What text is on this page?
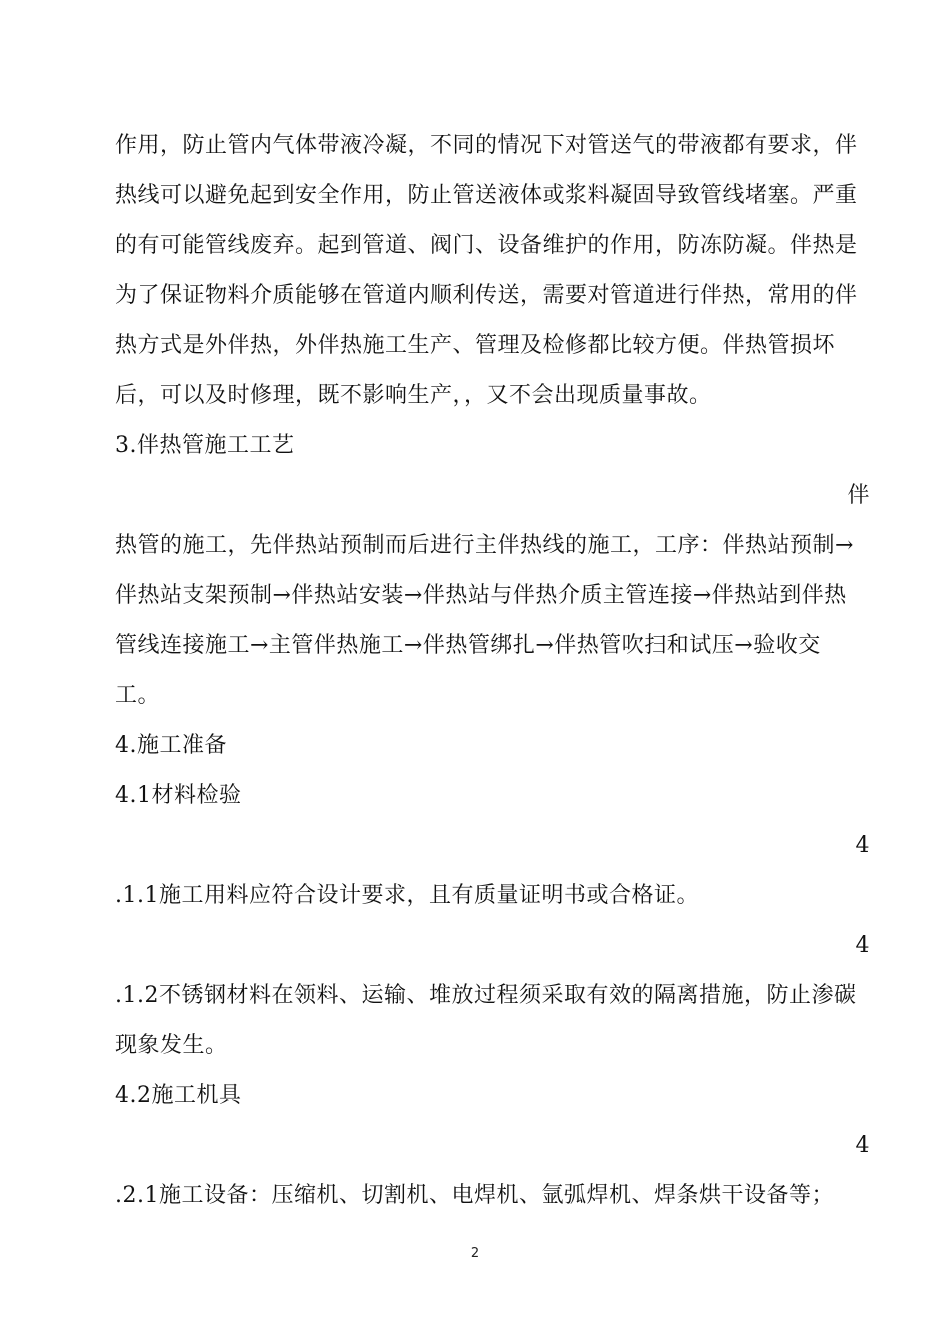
作用，防止管内气体带液冷凝，不同的情况下对管送气的带液都有要求，伴
热线可以避免起到安全作用，防止管送液体或浆料凝固导致管线堵塞。严重
的有可能管线废弃。起到管道、阀门、设备维护的作用，防冻防凝。伴热是
为了保证物料介质能够在管道内顺利传送，需要对管道进行伴热，常用的伴
热方式是外伴热，外伴热施工生产、管理及检修都比较方便。伴热管损坏
后，可以及时修理，既不影响生产，，又不会出现质量事故。
3.伴热管施工工艺
伴
热管的施工，先伴热站预制而后进行主伴热线的施工，工序：伴热站预制→
伴热站支架预制→伴热站安装→伴热站与伴热介质主管连接→伴热站到伴热
管线连接施工→主管伴热施工→伴热管绑扎→伴热管吹扫和试压→验收交
工。
4.施工准备
4.1材料检验
4
.1.1施工用料应符合设计要求，且有质量证明书或合格证。
4
.1.2不锈钢材料在领料、运输、堆放过程须采取有效的隔离措施，防止渗碳
现象发生。
4.2施工机具
4
.2.1施工设备：压缩机、切割机、电焊机、氩弧焊机、焊条烘干设备等；
2
